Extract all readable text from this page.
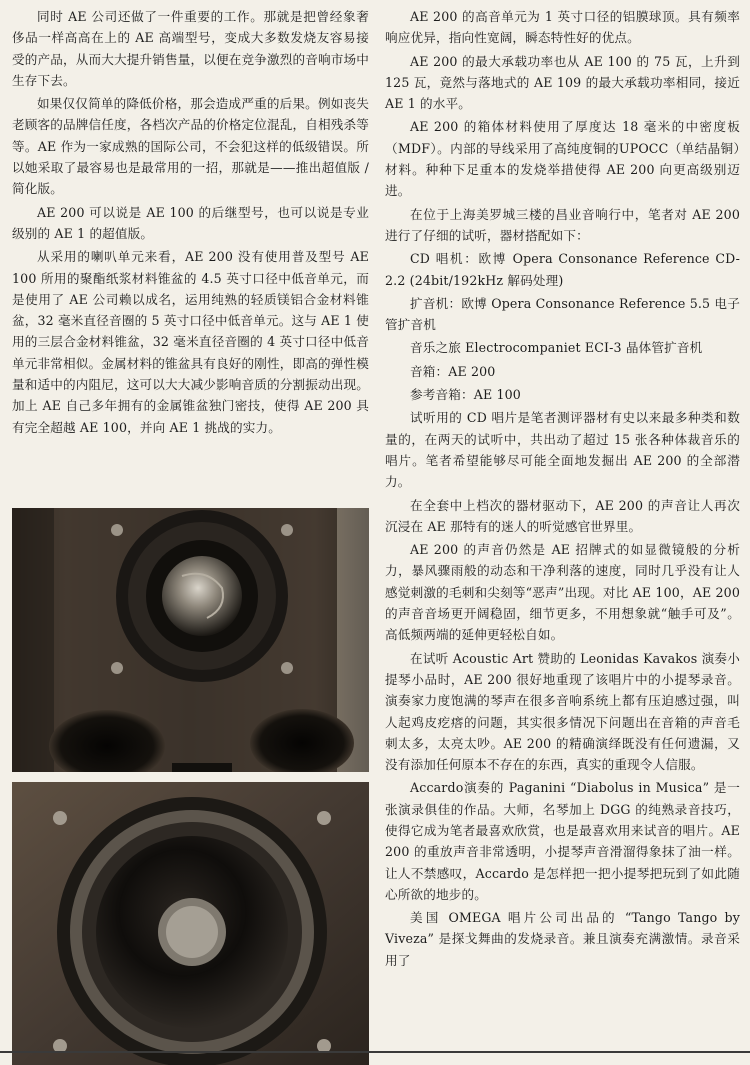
同时 AE 公司还做了一件重要的工作。那就是把曾经象奢侈品一样高高在上的 AE 高端型号，变成大多数发烧友容易接受的产品，从而大大提升销售量，以便在竞争激烈的音响市场中生存下去。

如果仅仅简单的降低价格，那会造成严重的后果。例如丧失老顾客的品牌信任度，各档次产品的价格定位混乱，自相残杀等等。AE 作为一家成熟的国际公司，不会犯这样的低级错误。所以她采取了最容易也是最常用的一招，那就是——推出超值版 / 简化版。

AE 200 可以说是 AE 100 的后继型号，也可以说是专业级别的 AE 1 的超值版。

从采用的喇叭单元来看，AE 200 没有使用普及型号 AE 100 所用的聚酯纸浆材料锥盆的 4.5 英寸口径中低音单元，而是使用了 AE 公司赖以成名，运用纯熟的轻质镁铝合金材料锥盆，32 毫米直径音圈的 5 英寸口径中低音单元。这与 AE 1 使用的三层合金材料锥盆，32 毫米直径音圈的 4 英寸口径中低音单元非常相似。金属材料的锥盆具有良好的刚性，即高的弹性模量和适中的内阻尼，这可以大大减少影响音质的分割振动出现。加上 AE 自己多年拥有的金属锥盆独门密技，使得 AE 200 具有完全超越 AE 100，并向 AE 1 挑战的实力。

AE 200 的高音单元为 1 英寸口径的铝膜球顶。具有频率响应优异，指向性宽阔，瞬态特性好的优点。

AE 200 的最大承载功率也从 AE 100 的 75 瓦，上升到 125 瓦，竟然与落地式的 AE 109 的最大承载功率相同，接近 AE 1 的水平。

AE 200 的箱体材料使用了厚度达 18 毫米的中密度板（MDF）。内部的导线采用了高纯度铜的UPOCC（单结晶铜）材料。种种下足重本的发烧举措使得 AE 200 向更高级别迈进。

在位于上海美罗城三楼的昌业音响行中，笔者对 AE 200 进行了仔细的试听，器材搭配如下：

CD 唱机：欧博 Opera Consonance Reference CD-2.2 (24bit/192kHz 解码处理)

扩音机：欧博 Opera Consonance Reference 5.5 电子管扩音机

音乐之旅 Electrocompaniet ECI-3 晶体管扩音机

音箱：AE 200

参考音箱：AE 100

试听用的 CD 唱片是笔者测评器材有史以来最多种类和数量的，在两天的试听中，共出动了超过 15 张各种体裁音乐的唱片。笔者希望能够尽可能全面地发掘出 AE 200 的全部潜力。

在全套中上档次的器材驱动下，AE 200 的声音让人再次沉浸在 AE 那特有的迷人的听觉感官世界里。

AE 200 的声音仍然是 AE 招牌式的如显微镜般的分析力，暴风骤雨般的动态和干净利落的速度，同时几乎没有让人感觉刺激的毛刺和尖刻等“恶声”出现。对比 AE 100，AE 200的声音音场更开阔稳固，细节更多，不用想象就“触手可及”。高低频两端的延伸更轻松自如。

在试听 Acoustic Art 赞助的 Leonidas Kavakos 演奏小提琴小品时，AE 200 很好地重现了该唱片中的小提琴录音。演奏家力度饱满的琴声在很多音响系统上都有压迫感过强，叫人起鸡皮疙瘩的问题，其实很多情况下问题出在音箱的声音毛刺太多，太亮太吵。AE 200 的精确演绎既没有任何遗漏，又没有添加任何原本不存在的东西，真实的重现令人信服。

Accardo演奏的 Paganini “Diabolus in Musica” 是一张演录俱佳的作品。大师，名琴加上 DGG 的纯熟录音技巧，使得它成为笔者最喜欢欣赏，也是最喜欢用来试音的唱片。AE 200 的重放声音非常透明，小提琴声音滑溜得象抹了油一样。让人不禁感叹，Accardo 是怎样把一把小提琴把玩到了如此随心所欲的地步的。

美国 OMEGA 唱片公司出品的 “Tango Tango by Viveza” 是探戈舞曲的发烧录音。兼且演奏充满激情。录音采用了
